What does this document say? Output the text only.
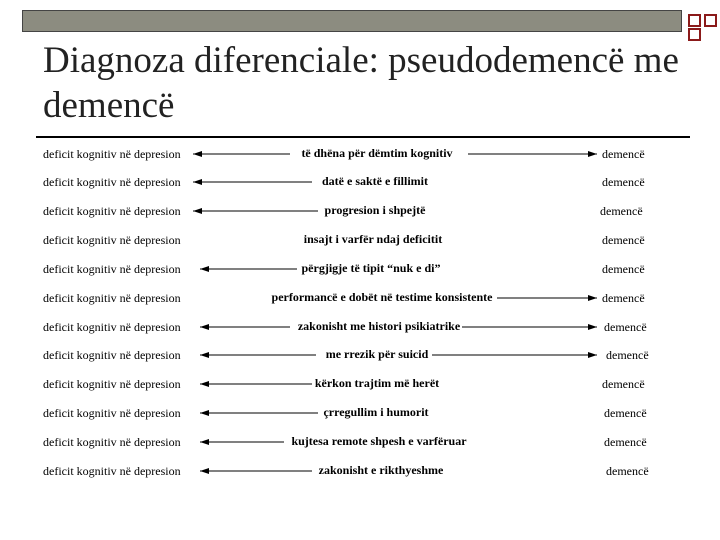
Diagnoza diferenciale: pseudodemencë me demencë
deficit kognitiv në depresion	të dhëna për dëmtim kognitiv	demencë
deficit kognitiv në depresion	datë e saktë e fillimit	demencë
deficit kognitiv në depresion	progresion i shpejtë	demencë
deficit kognitiv në depresion	insajt i varfër ndaj deficitit	demencë
deficit kognitiv në depresion	përgjigje të tipit “nuk e di”	demencë
deficit kognitiv në depresion	performancë e dobët në testime konsistente	demencë
deficit kognitiv në depresion	zakonisht me histori psikiatrike	demencë
deficit kognitiv në depresion	me rrezik për suicid	demencë
deficit kognitiv në depresion	kërkon trajtim më herët	demencë
deficit kognitiv në depresion	çrregullim i humorit	demencë
deficit kognitiv në depresion	kujtesa remote shpesh e varfëruar	demencë
deficit kognitiv në depresion	zakonisht e rikthyeshme	demencë
